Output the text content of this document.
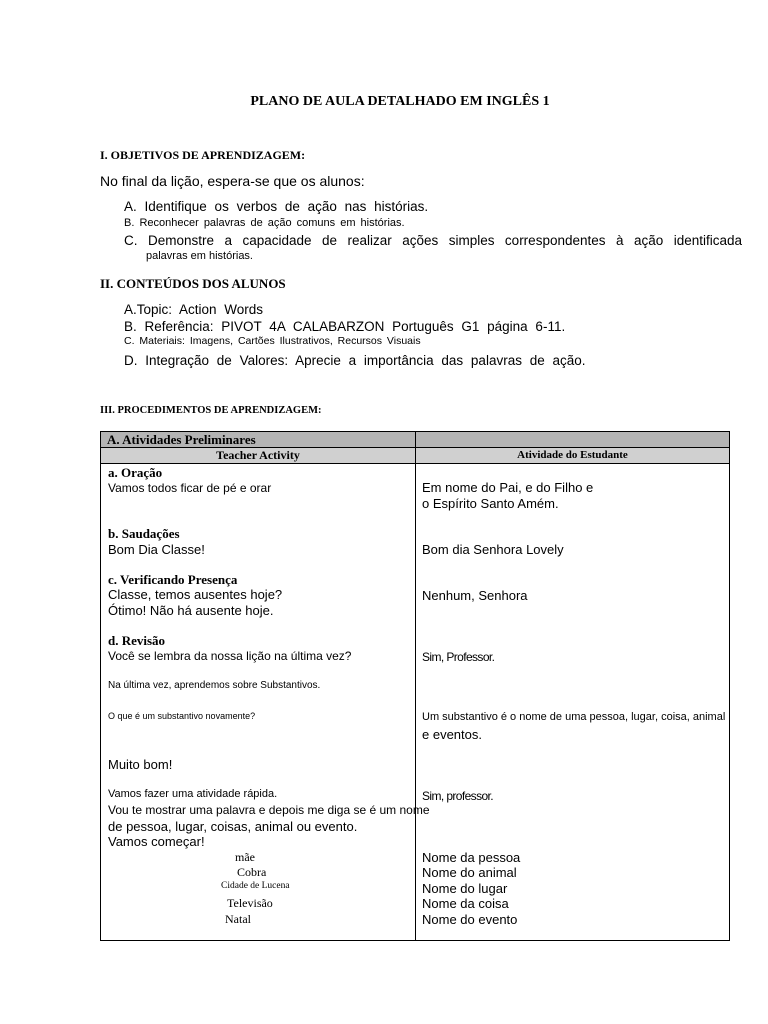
PLANO DE AULA DETALHADO EM INGLÊS 1
I. OBJETIVOS DE APRENDIZAGEM:
No final da lição, espera-se que os alunos:
A. Identifique os verbos de ação nas histórias.
B. Reconhecer palavras de ação comuns em histórias.
C. Demonstre a capacidade de realizar ações simples correspondentes à ação identificada
palavras em histórias.
II. CONTEÚDOS DOS ALUNOS
A.Topic: Action Words
B. Referência: PIVOT 4A CALABARZON Português G1 página 6-11.
C. Materiais: Imagens, Cartões Ilustrativos, Recursos Visuais
D. Integração de Valores: Aprecie a importância das palavras de ação.
III. PROCEDIMENTOS DE APRENDIZAGEM:
A. Atividades Preliminares
Teacher Activity	Atividade do Estudante
a. Oração
Vamos todos ficar de pé e orar
b. Saudações
Bom Dia Classe!
c. Verificando Presença
Classe, temos ausentes hoje?
Ótimo! Não há ausente hoje.
d. Revisão
Você se lembra da nossa lição na última vez?
Na última vez, aprendemos sobre Substantivos.
O que é um substantivo novamente?
Muito bom!
Vamos fazer uma atividade rápida.
Vou te mostrar uma palavra e depois me diga se é um nome
de pessoa, lugar, coisas, animal ou evento.
Vamos começar!
mãe
Cobra
Cidade de Lucena
Televisão
Natal
Em nome do Pai, e do Filho e
o Espírito Santo Amém.
Bom dia Senhora Lovely
Nenhum, Senhora
Sim, Professor.
Um substantivo é o nome de uma pessoa, lugar, coisa, animal
e eventos.
Sim, professor.
Nome da pessoa
Nome do animal
Nome do lugar
Nome da coisa
Nome do evento
